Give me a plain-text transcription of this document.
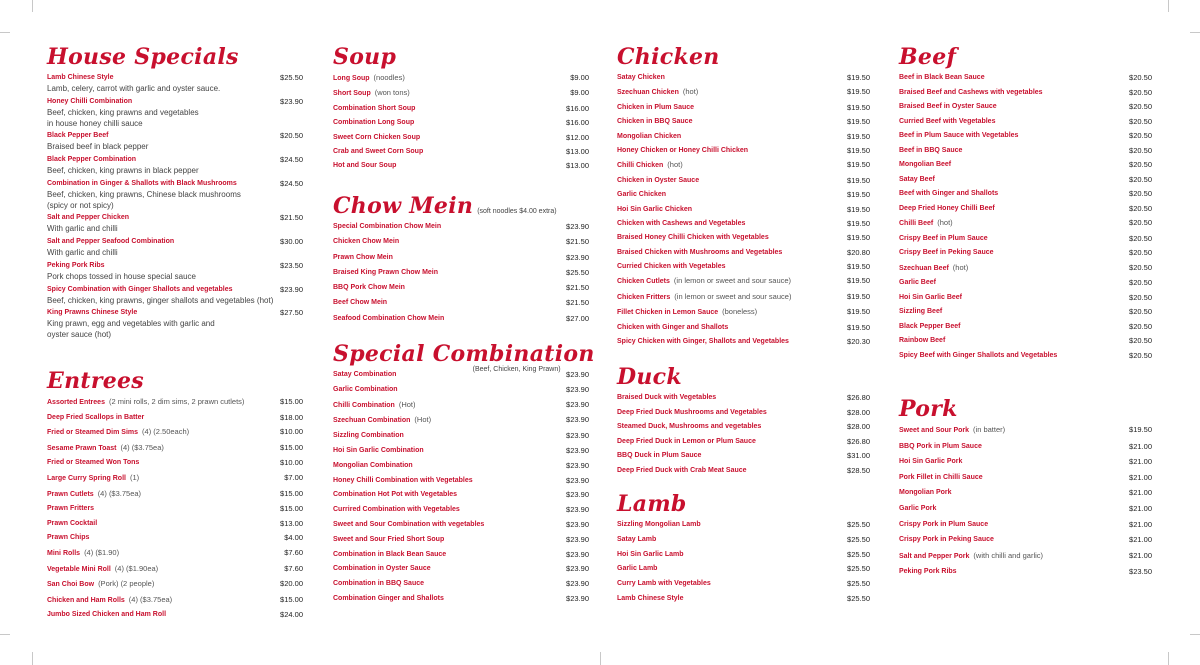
House Specials
Lamb Chinese Style	$25.50
Lamb, celery, carrot with garlic and oyster sauce.
Honey Chilli Combination	$23.90
Beef, chicken, king prawns and vegetables
in house honey chilli sauce
Black Pepper Beef	$20.50
Braised beef in black pepper
Black Pepper Combination	$24.50
Beef, chicken, king prawns in black pepper
Combination in Ginger & Shallots with Black Mushrooms	$24.50
Beef, chicken, king prawns, Chinese black mushrooms
(spicy or not spicy)
Salt and Pepper Chicken	$21.50
With garlic and chilli
Salt and Pepper Seafood Combination	$30.00
With garlic and chilli
Peking Pork Ribs	$23.50
Pork chops tossed in house special sauce
Spicy Combination with Ginger Shallots and vegetables	$23.90
Beef, chicken, king prawns, ginger shallots and vegetables (hot)
King Prawns Chinese Style	$27.50
King prawn, egg and vegetables with garlic and
oyster sauce (hot)
Entrees
Assorted Entrees (2 mini rolls, 2 dim sims, 2 prawn cutlets)	$15.00
Deep Fried Scallops in Batter	$18.00
Fried or Steamed Dim Sims (4) (2.50each)	$10.00
Sesame Prawn Toast (4) ($3.75ea)	$15.00
Fried or Steamed Won Tons	$10.00
Large Curry Spring Roll (1)	$7.00
Prawn Cutlets (4) ($3.75ea)	$15.00
Prawn Fritters	$15.00
Prawn Cocktail	$13.00
Prawn Chips	$4.00
Mini Rolls (4) ($1.90)	$7.60
Vegetable Mini Roll (4) ($1.90ea)	$7.60
San Choi Bow (Pork) (2 people)	$20.00
Chicken and Ham Rolls (4) ($3.75ea)	$15.00
Jumbo Sized Chicken and Ham Roll	$24.00
Soup
Long Soup (noodles)	$9.00
Short Soup (won tons)	$9.00
Combination Short Soup	$16.00
Combination Long Soup	$16.00
Sweet Corn Chicken Soup	$12.00
Crab and Sweet Corn Soup	$13.00
Hot and Sour Soup	$13.00
Chow Mein (soft noodles $4.00 extra)
Special Combination Chow Mein	$23.90
Chicken Chow Mein	$21.50
Prawn Chow Mein	$23.90
Braised King Prawn Chow Mein	$25.50
BBQ Pork Chow Mein	$21.50
Beef Chow Mein	$21.50
Seafood Combination Chow Mein	$27.00
Special Combination
(Beef, Chicken, King Prawn)
Satay Combination	$23.90
Garlic Combination	$23.90
Chilli Combination (Hot)	$23.90
Szechuan Combination (Hot)	$23.90
Sizzling Combination	$23.90
Hoi Sin Garlic Combination	$23.90
Mongolian Combination	$23.90
Honey Chilli Combination with Vegetables	$23.90
Combination Hot Pot with Vegetables	$23.90
Currired Combination with Vegetables	$23.90
Sweet and Sour Combination with vegetables	$23.90
Sweet and Sour Fried Short Soup	$23.90
Combination in Black Bean Sauce	$23.90
Combination in Oyster Sauce	$23.90
Combination in BBQ Sauce	$23.90
Combination Ginger and Shallots	$23.90
Chicken
Satay Chicken	$19.50
Szechuan Chicken (hot)	$19.50
Chicken in Plum Sauce	$19.50
Chicken in BBQ Sauce	$19.50
Mongolian Chicken	$19.50
Honey Chicken or Honey Chilli Chicken	$19.50
Chilli Chicken (hot)	$19.50
Chicken in Oyster Sauce	$19.50
Garlic Chicken	$19.50
Hoi Sin Garlic Chicken	$19.50
Chicken with Cashews and Vegetables	$19.50
Braised Honey Chilli Chicken with Vegetables	$19.50
Braised Chicken with Mushrooms and Vegetables	$20.80
Curried Chicken with Vegetables	$19.50
Chicken Cutlets (in lemon or sweet and sour sauce)	$19.50
Chicken Fritters (in lemon or sweet and sour sauce)	$19.50
Fillet Chicken in Lemon Sauce (boneless)	$19.50
Chicken with Ginger and Shallots	$19.50
Spicy Chicken with Ginger, Shallots and Vegetables	$20.30
Duck
Braised Duck with Vegetables	$26.80
Deep Fried Duck Mushrooms and Vegetables	$28.00
Steamed Duck, Mushrooms and vegetables	$28.00
Deep Fried Duck in Lemon or Plum Sauce	$26.80
BBQ Duck in Plum Sauce	$31.00
Deep Fried Duck with Crab Meat Sauce	$28.50
Lamb
Sizzling Mongolian Lamb	$25.50
Satay Lamb	$25.50
Hoi Sin Garlic Lamb	$25.50
Garlic Lamb	$25.50
Curry Lamb with Vegetables	$25.50
Lamb Chinese Style	$25.50
Beef
Beef in Black Bean Sauce	$20.50
Braised Beef and Cashews with vegetables	$20.50
Braised Beef in Oyster Sauce	$20.50
Curried Beef with Vegetables	$20.50
Beef in Plum Sauce with Vegetables	$20.50
Beef in BBQ Sauce	$20.50
Mongolian Beef	$20.50
Satay Beef	$20.50
Beef with Ginger and Shallots	$20.50
Deep Fried Honey Chilli Beef	$20.50
Chilli Beef (hot)	$20.50
Crispy Beef in Plum Sauce	$20.50
Crispy Beef in Peking Sauce	$20.50
Szechuan Beef (hot)	$20.50
Garlic Beef	$20.50
Hoi Sin Garlic Beef	$20.50
Sizzling Beef	$20.50
Black Pepper Beef	$20.50
Rainbow Beef	$20.50
Spicy Beef with Ginger Shallots and Vegetables	$20.50
Pork
Sweet and Sour Pork (in batter)	$19.50
BBQ Pork in Plum Sauce	$21.00
Hoi Sin Garlic Pork	$21.00
Pork Fillet in Chilli Sauce	$21.00
Mongolian Pork	$21.00
Garlic Pork	$21.00
Crispy Pork in Plum Sauce	$21.00
Crispy Pork in Peking Sauce	$21.00
Salt and Pepper Pork (with chilli and garlic)	$21.00
Peking Pork Ribs	$23.50
